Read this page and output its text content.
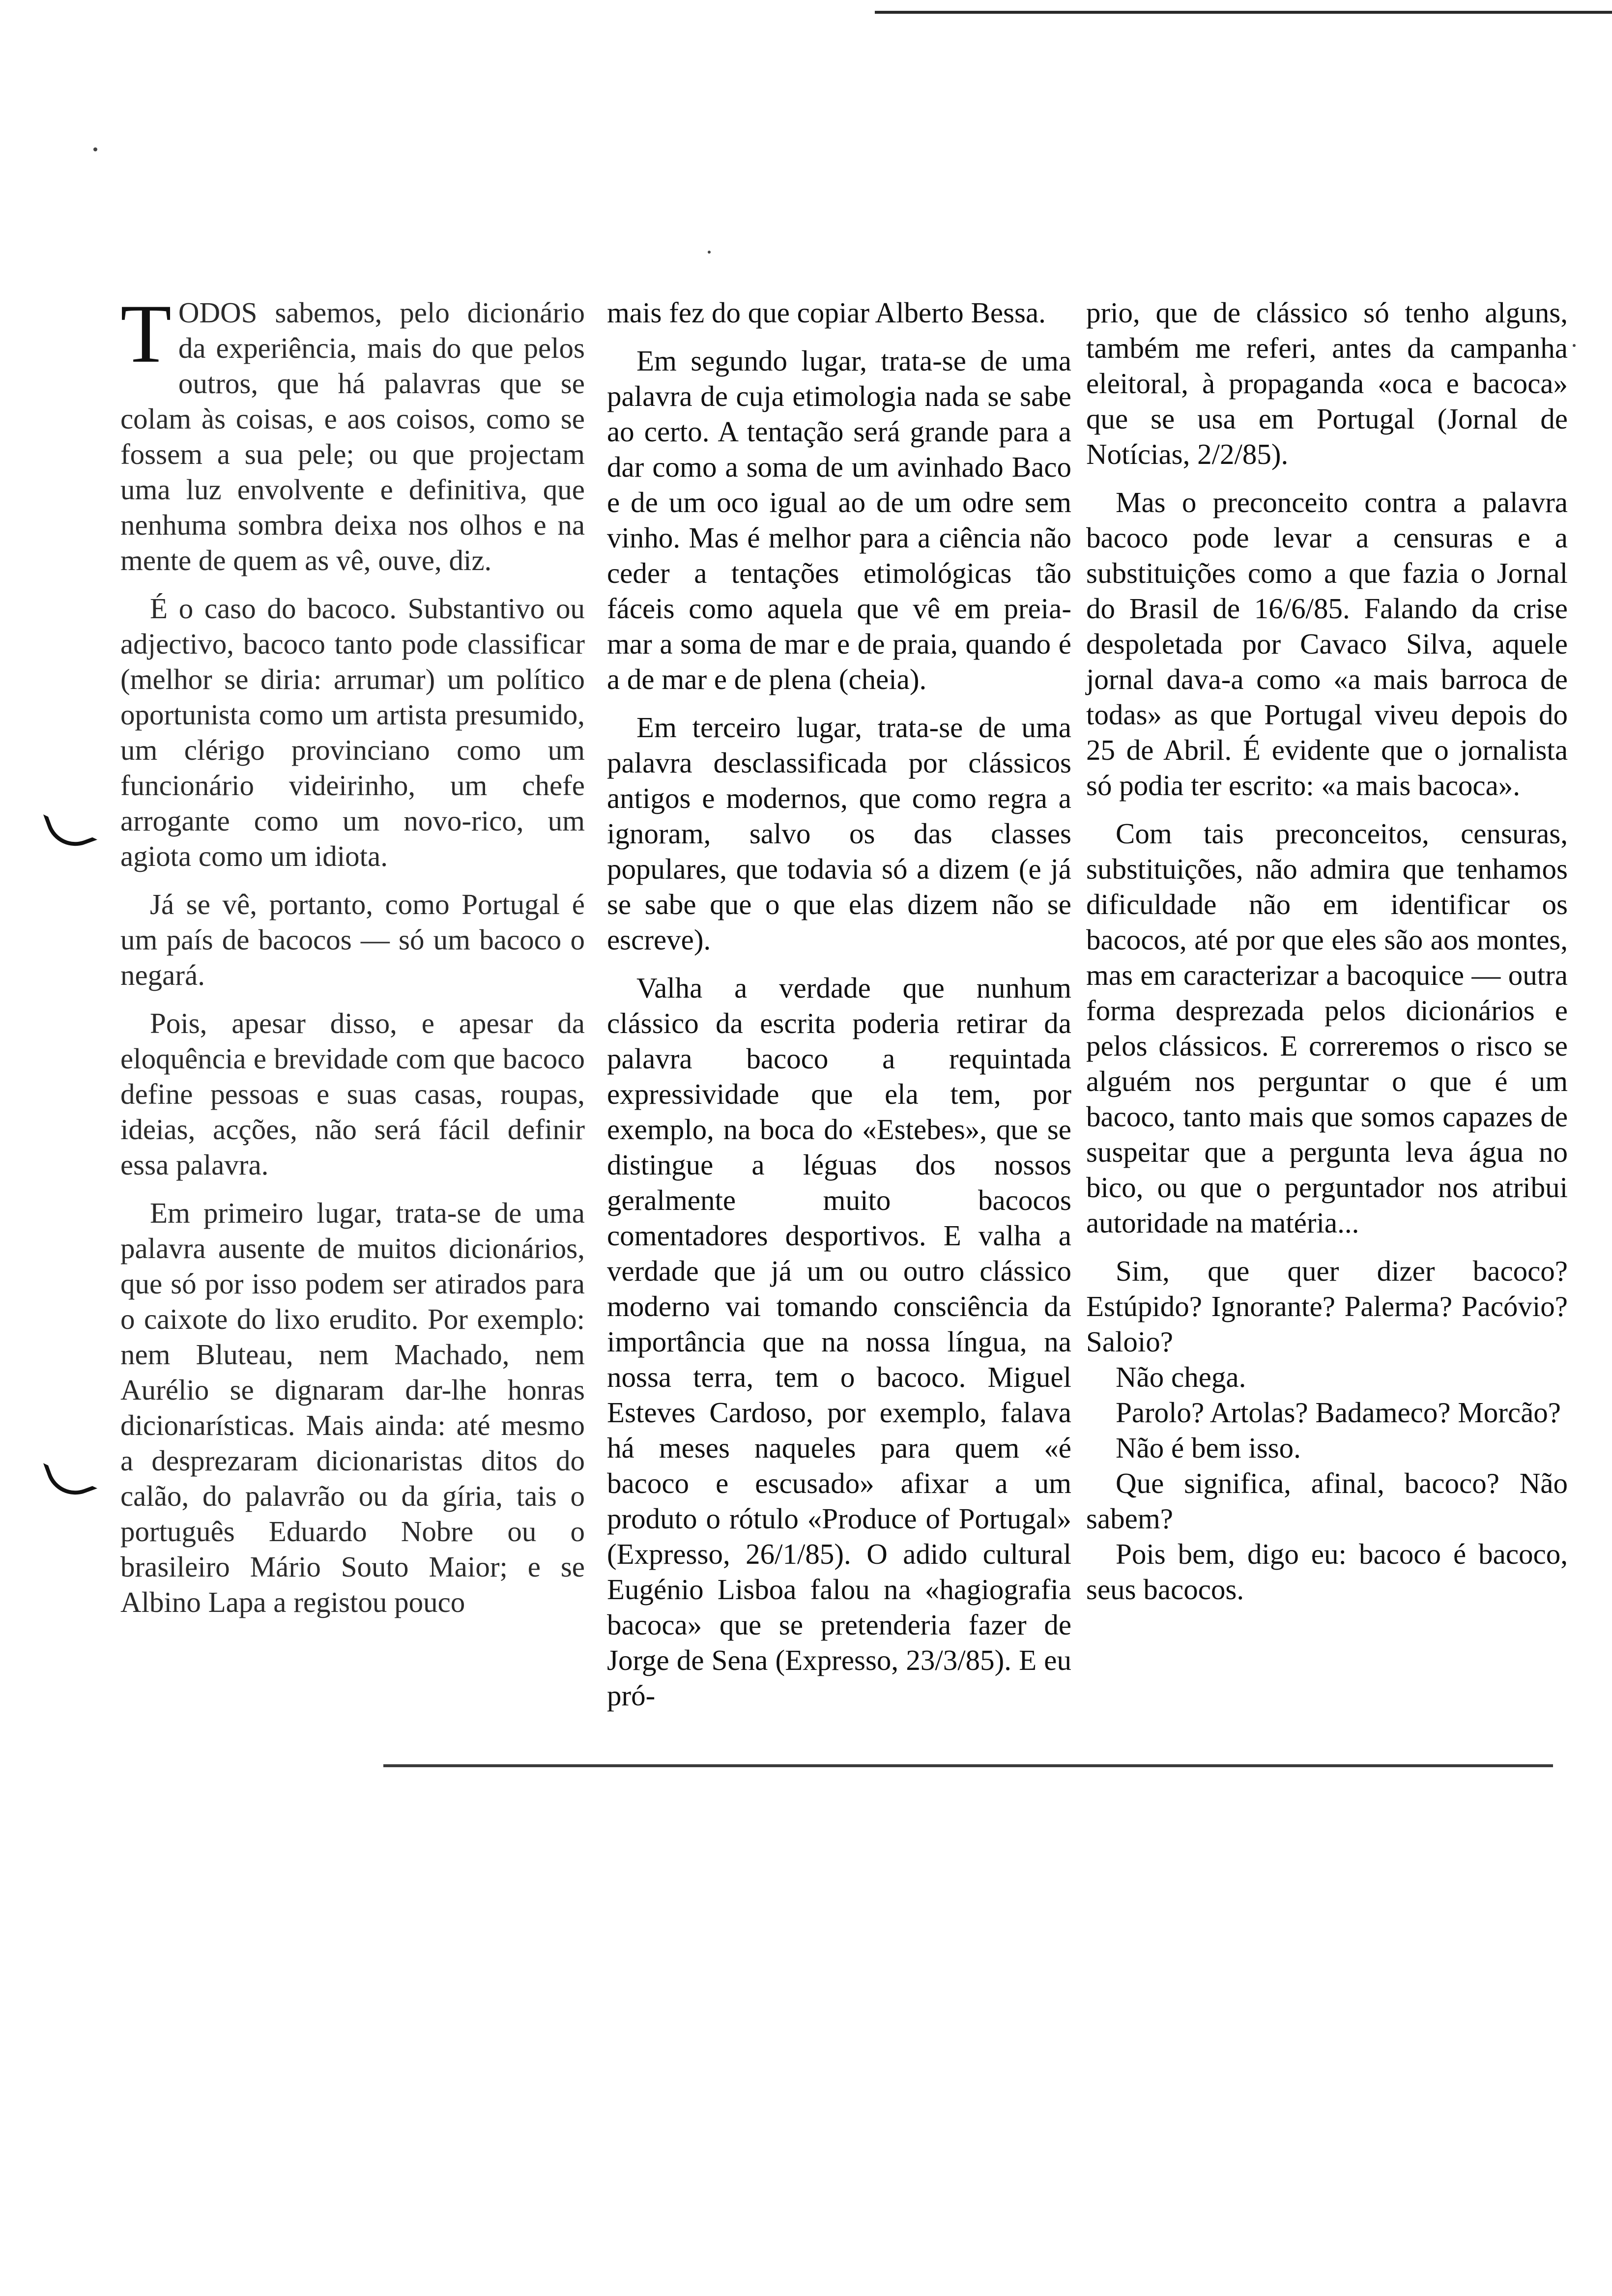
TODOS sabemos, pelo dicionário da experiência, mais do que pelos outros, que há palavras que se colam às coisas, e aos coisos, como se fossem a sua pele; ou que projectam uma luz envolvente e definitiva, que nenhuma sombra deixa nos olhos e na mente de quem as vê, ouve, diz.

É o caso do bacoco. Substantivo ou adjectivo, bacoco tanto pode classificar (melhor se diria: arrumar) um político oportunista como um artista presumido, um clérigo provinciano como um funcionário videirinho, um chefe arrogante como um novo-rico, um agiota como um idiota.

Já se vê, portanto, como Portugal é um país de bacocos — só um bacoco o negará.

Pois, apesar disso, e apesar da eloquência e brevidade com que bacoco define pessoas e suas casas, roupas, ideias, acções, não será fácil definir essa palavra.

Em primeiro lugar, trata-se de uma palavra ausente de muitos dicionários, que só por isso podem ser atirados para o caixote do lixo erudito. Por exemplo: nem Bluteau, nem Machado, nem Aurélio se dignaram dar-lhe honras dicionarísticas. Mais ainda: até mesmo a desprezaram dicionaristas ditos do calão, do palavrão ou da gíria, tais o português Eduardo Nobre ou o brasileiro Mário Souto Maior; e se Albino Lapa a registou pouco

mais fez do que copiar Alberto Bessa.

Em segundo lugar, trata-se de uma palavra de cuja etimologia nada se sabe ao certo. A tentação será grande para a dar como a soma de um avinhado Baco e de um oco igual ao de um odre sem vinho. Mas é melhor para a ciência não ceder a tentações etimológicas tão fáceis como aquela que vê em preia-mar a soma de mar e de praia, quando é a de mar e de plena (cheia).

Em terceiro lugar, trata-se de uma palavra desclassificada por clássicos antigos e modernos, que como regra a ignoram, salvo os das classes populares, que todavia só a dizem (e já se sabe que o que elas dizem não se escreve).

Valha a verdade que nunhum clássico da escrita poderia retirar da palavra bacoco a requintada expressividade que ela tem, por exemplo, na boca do «Estebes», que se distingue a léguas dos nossos geralmente muito bacocos comentadores desportivos. E valha a verdade que já um ou outro clássico moderno vai tomando consciência da importância que na nossa língua, na nossa terra, tem o bacoco. Miguel Esteves Cardoso, por exemplo, falava há meses naqueles para quem «é bacoco e escusado» afixar a um produto o rótulo «Produce of Portugal» (Expresso, 26/1/85). O adido cultural Eugénio Lisboa falou na «hagiografia bacoca» que se pretenderia fazer de Jorge de Sena (Expresso, 23/3/85). E eu pró-

prio, que de clássico só tenho alguns, também me referi, antes da campanha eleitoral, à propaganda «oca e bacoca» que se usa em Portugal (Jornal de Notícias, 2/2/85).

Mas o preconceito contra a palavra bacoco pode levar a censuras e a substituições como a que fazia o Jornal do Brasil de 16/6/85. Falando da crise despoletada por Cavaco Silva, aquele jornal dava-a como «a mais barroca de todas» as que Portugal viveu depois do 25 de Abril. É evidente que o jornalista só podia ter escrito: «a mais bacoca».

Com tais preconceitos, censuras, substituições, não admira que tenhamos dificuldade não em identificar os bacocos, até por que eles são aos montes, mas em caracterizar a bacoquice — outra forma desprezada pelos dicionários e pelos clássicos. E correremos o risco se alguém nos perguntar o que é um bacoco, tanto mais que somos capazes de suspeitar que a pergunta leva água no bico, ou que o perguntador nos atribui autoridade na matéria...

Sim, que quer dizer bacoco? Estúpido? Ignorante? Palerma? Pacóvio? Saloio?

Não chega.

Parolo? Artolas? Badameco? Morcão?

Não é bem isso.

Que significa, afinal, bacoco? Não sabem?

Pois bem, digo eu: bacoco é bacoco, seus bacocos.
